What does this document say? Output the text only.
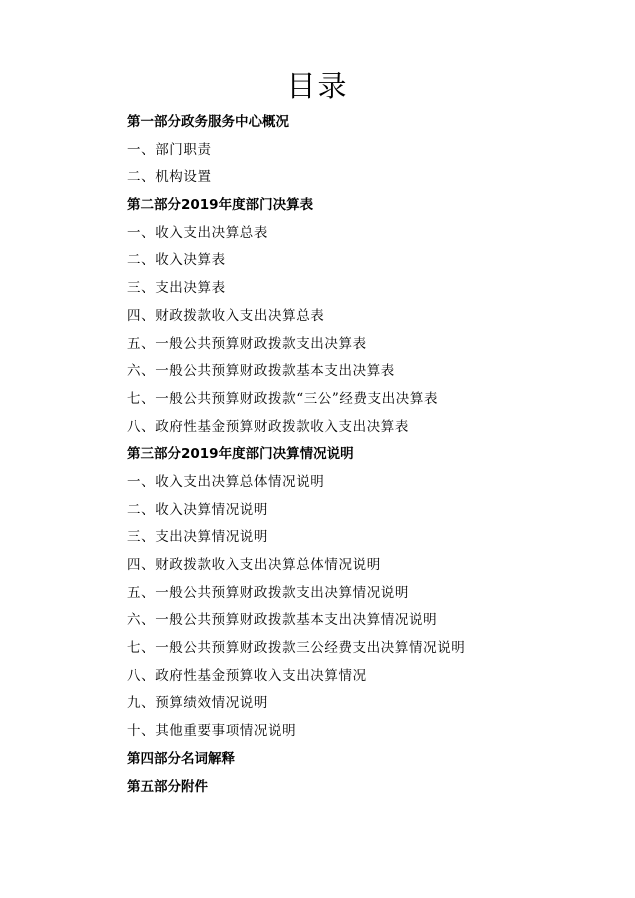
目录
第一部分政务服务中心概况
一、部门职责
二、机构设置
第二部分2019年度部门决算表
一、收入支出决算总表
二、收入决算表
三、支出决算表
四、财政拨款收入支出决算总表
五、一般公共预算财政拨款支出决算表
六、一般公共预算财政拨款基本支出决算表
七、一般公共预算财政拨款“三公”经费支出决算表
八、政府性基金预算财政拨款收入支出决算表
第三部分2019年度部门决算情况说明
一、收入支出决算总体情况说明
二、收入决算情况说明
三、支出决算情况说明
四、财政拨款收入支出决算总体情况说明
五、一般公共预算财政拨款支出决算情况说明
六、一般公共预算财政拨款基本支出决算情况说明
七、一般公共预算财政拨款三公经费支出决算情况说明
八、政府性基金预算收入支出决算情况
九、预算绩效情况说明
十、其他重要事项情况说明
第四部分名词解释
第五部分附件
